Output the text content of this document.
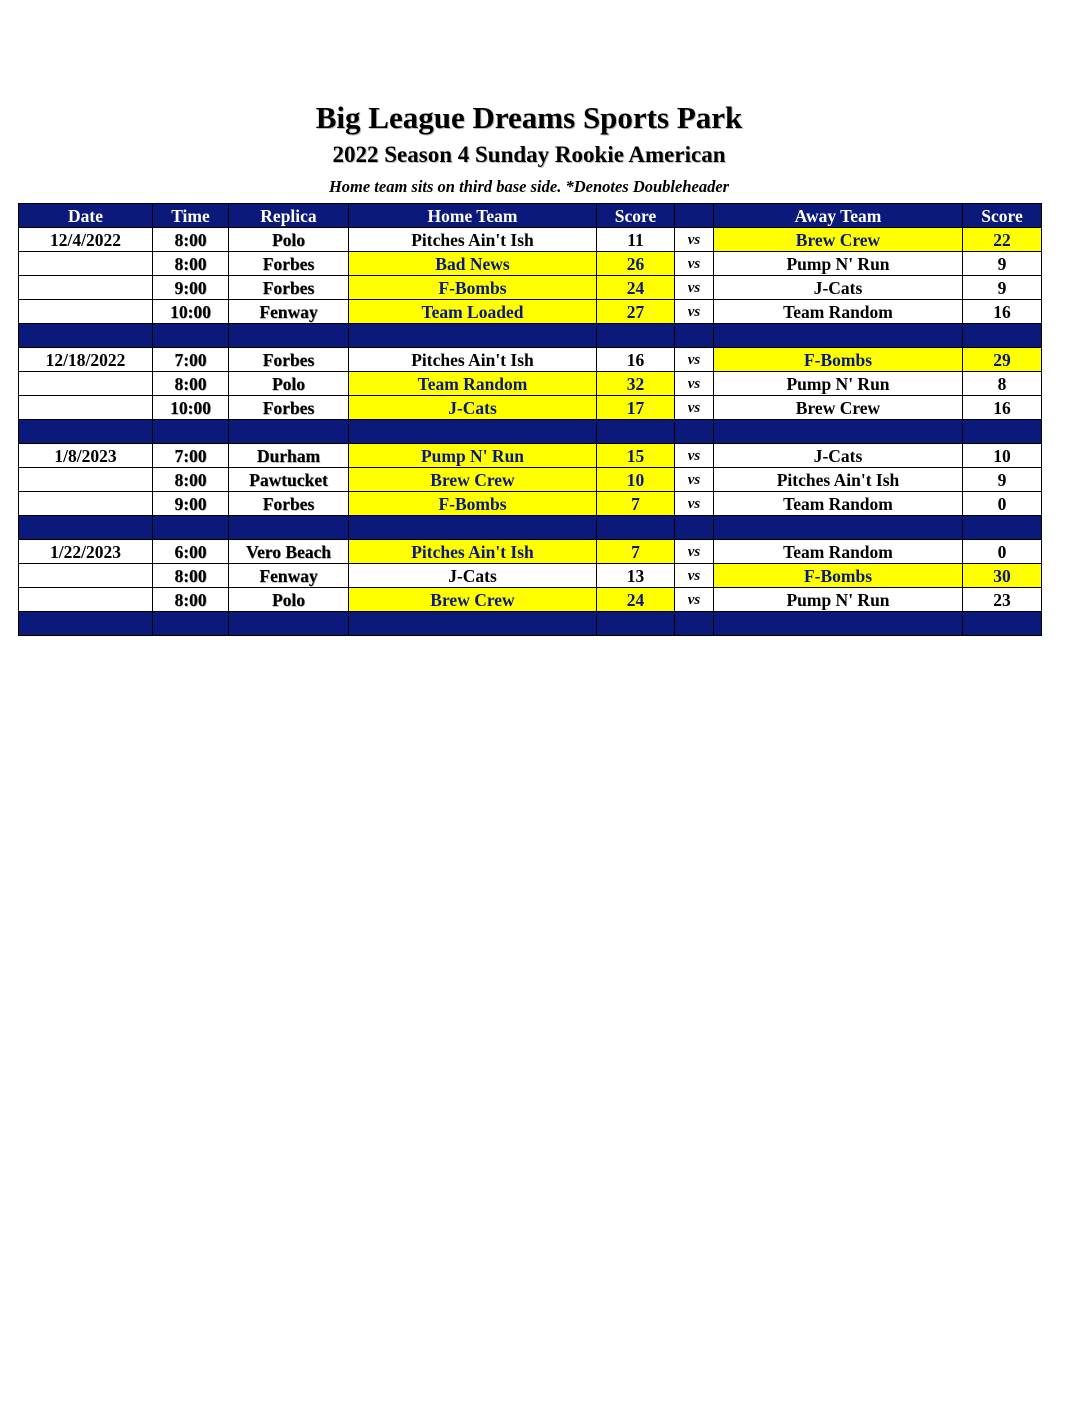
Big League Dreams Sports Park
2022 Season 4 Sunday Rookie American
Home team sits on third base side. *Denotes Doubleheader
Date	Time	Replica	Home Team	Score		Away Team	Score
12/4/2022	8:00	Polo	Pitches Ain't Ish	11	vs	Brew Crew	22
	8:00	Forbes	Bad News	26	vs	Pump N' Run	9
	9:00	Forbes	F-Bombs	24	vs	J-Cats	9
	10:00	Fenway	Team Loaded	27	vs	Team Random	16

12/18/2022	7:00	Forbes	Pitches Ain't Ish	16	vs	F-Bombs	29
	8:00	Polo	Team Random	32	vs	Pump N' Run	8
	10:00	Forbes	J-Cats	17	vs	Brew Crew	16

1/8/2023	7:00	Durham	Pump N' Run	15	vs	J-Cats	10
	8:00	Pawtucket	Brew Crew	10	vs	Pitches Ain't Ish	9
	9:00	Forbes	F-Bombs	7	vs	Team Random	0

1/22/2023	6:00	Vero Beach	Pitches Ain't Ish	7	vs	Team Random	0
	8:00	Fenway	J-Cats	13	vs	F-Bombs	30
	8:00	Polo	Brew Crew	24	vs	Pump N' Run	23
